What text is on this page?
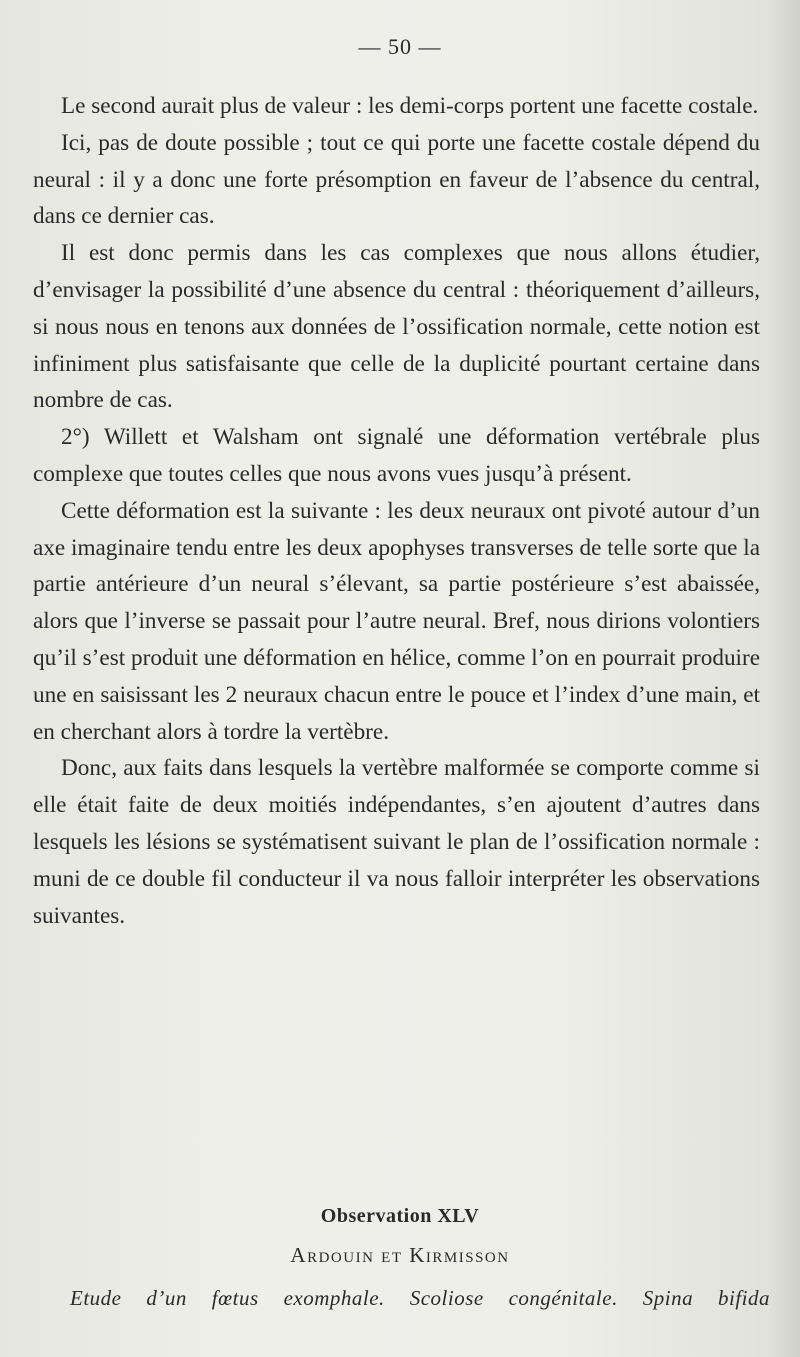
— 50 —

Le second aurait plus de valeur : les demi-corps portent une facette costale.

Ici, pas de doute possible ; tout ce qui porte une facette costale dépend du neural : il y a donc une forte présomption en faveur de l’absence du central, dans ce dernier cas.

Il est donc permis dans les cas complexes que nous allons étudier, d’envisager la possibilité d’une absence du central : théoriquement d’ailleurs, si nous nous en tenons aux données de l’ossification normale, cette notion est infiniment plus satisfaisante que celle de la duplicité pourtant certaine dans nombre de cas.

2°) Willett et Walsham ont signalé une déformation vertébrale plus complexe que toutes celles que nous avons vues jusqu’à présent.

Cette déformation est la suivante : les deux neuraux ont pivoté autour d’un axe imaginaire tendu entre les deux apophyses transverses de telle sorte que la partie antérieure d’un neural s’élevant, sa partie postérieure s’est abaissée, alors que l’inverse se passait pour l’autre neural. Bref, nous dirions volontiers qu’il s’est produit une déformation en hélice, comme l’on en pourrait produire une en saisissant les 2 neuraux chacun entre le pouce et l’index d’une main, et en cherchant alors à tordre la vertèbre.

Donc, aux faits dans lesquels la vertèbre malformée se comporte comme si elle était faite de deux moitiés indépendantes, s’en ajoutent d’autres dans lesquels les lésions se systématisent suivant le plan de l’ossification normale : muni de ce double fil conducteur il va nous falloir interpréter les observations suivantes.

Observation XLV
Ardouin et Kirmisson
Etude d’un fœtus exomphale. Scoliose congénitale. Spina bifida
